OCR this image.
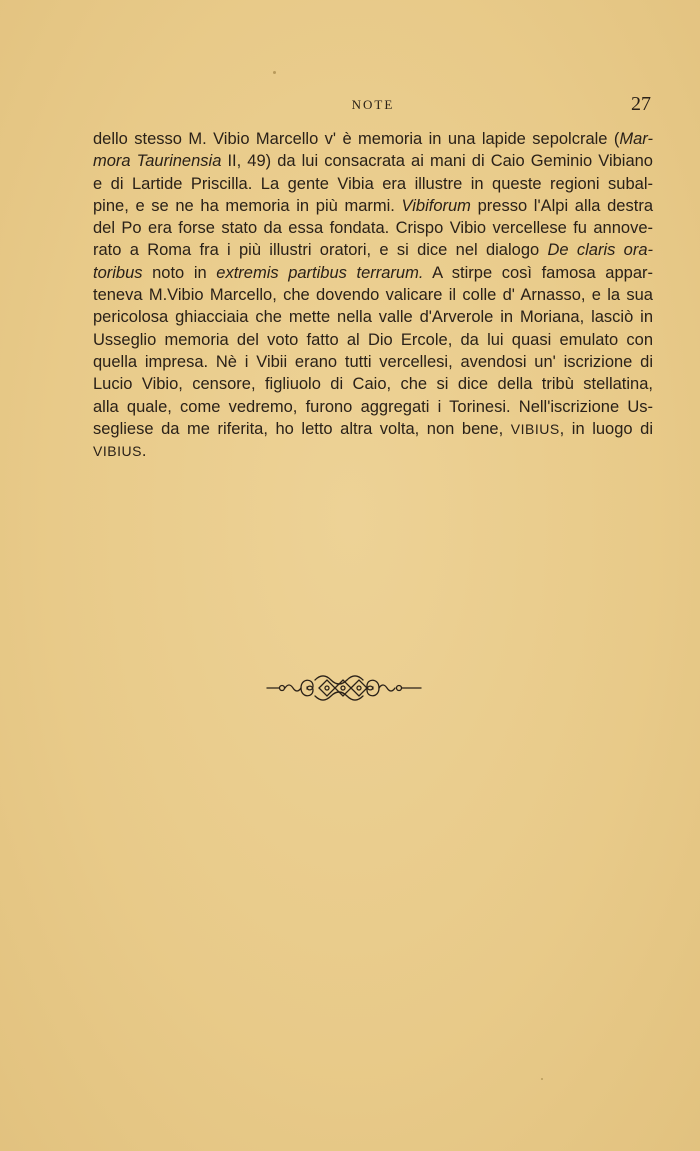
NOTE	27
dello stesso M. Vibio Marcello v' è memoria in una lapide sepolcrale (Mar-
mora Taurinensia II, 49) da lui consacrata ai mani di Caio Geminio Vibiano
e di Lartide Priscilla. La gente Vibia era illustre in queste regioni subal-
pine, e se ne ha memoria in più marmi. Vibiforum presso l'Alpi alla destra
del Po era forse stato da essa fondata. Crispo Vibio vercellese fu annove-
rato a Roma fra i più illustri oratori, e si dice nel dialogo De claris ora-
toribus noto in extremis partibus terrarum. A stirpe così famosa appar-
teneva M.Vibio Marcello, che dovendo valicare il colle d' Arnasso, e la sua
pericolosa ghiacciaia che mette nella valle d'Arverole in Moriana, lasciò in
Usseglio memoria del voto fatto al Dio Ercole, da lui quasi emulato con
quella impresa. Nè i Vibii erano tutti vercellesi, avendosi un' iscrizione di
Lucio Vibio, censore, figliuolo di Caio, che si dice della tribù stellatina,
alla quale, come vedremo, furono aggregati i Torinesi. Nell'iscrizione Us-
segliese da me riferita, ho letto altra volta, non bene, VIBIUS, in luogo di
VIBIUS.
